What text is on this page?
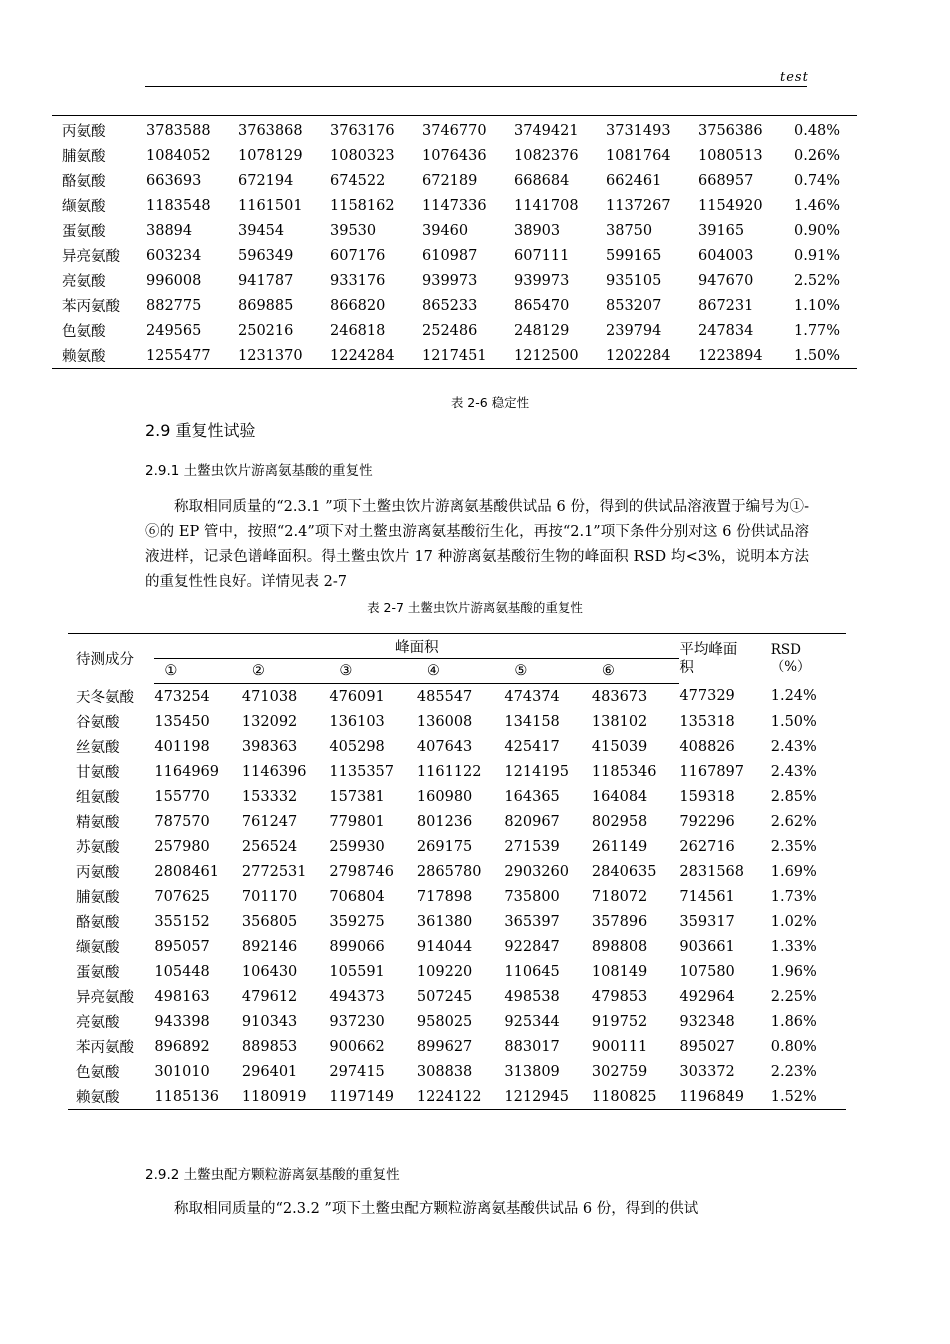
test
丙氨酸	3783588	3763868	3763176	3746770	3749421	3731493	3756386	0.48%
脯氨酸	1084052	1078129	1080323	1076436	1082376	1081764	1080513	0.26%
酪氨酸	663693	672194	674522	672189	668684	662461	668957	0.74%
缬氨酸	1183548	1161501	1158162	1147336	1141708	1137267	1154920	1.46%
蛋氨酸	38894	39454	39530	39460	38903	38750	39165	0.90%
异亮氨酸	603234	596349	607176	610987	607111	599165	604003	0.91%
亮氨酸	996008	941787	933176	939973	939973	935105	947670	2.52%
苯丙氨酸	882775	869885	866820	865233	865470	853207	867231	1.10%
色氨酸	249565	250216	246818	252486	248129	239794	247834	1.77%
赖氨酸	1255477	1231370	1224284	1217451	1212500	1202284	1223894	1.50%
表 2-6 稳定性
2.9 重复性试验
2.9.1 土鳖虫饮片游离氨基酸的重复性

称取相同质量的“2.3.1 ”项下土鳖虫饮片游离氨基酸供试品 6 份，得到的供试品溶液置于编号为①-⑥的 EP 管中，按照“2.4”项下对土鳖虫游离氨基酸衍生化，再按“2.1”项下条件分别对这 6 份供试品溶液进样，记录色谱峰面积。得土鳖虫饮片 17 种游离氨基酸衍生物的峰面积 RSD 均<3%，说明本方法的重复性性良好。详情见表 2-7

表 2-7 土鳖虫饮片游离氨基酸的重复性
待测成分	峰面积						平均峰面积	RSD
（%）

	①	②	③	④	⑤	⑥		
天冬氨酸	473254	471038	476091	485547	474374	483673	477329	1.24%
谷氨酸	135450	132092	136103	136008	134158	138102	135318	1.50%
丝氨酸	401198	398363	405298	407643	425417	415039	408826	2.43%
甘氨酸	1164969	1146396	1135357	1161122	1214195	1185346	1167897	2.43%
组氨酸	155770	153332	157381	160980	164365	164084	159318	2.85%
精氨酸	787570	761247	779801	801236	820967	802958	792296	2.62%
苏氨酸	257980	256524	259930	269175	271539	261149	262716	2.35%
丙氨酸	2808461	2772531	2798746	2865780	2903260	2840635	2831568	1.69%
脯氨酸	707625	701170	706804	717898	735800	718072	714561	1.73%
酪氨酸	355152	356805	359275	361380	365397	357896	359317	1.02%
缬氨酸	895057	892146	899066	914044	922847	898808	903661	1.33%
蛋氨酸	105448	106430	105591	109220	110645	108149	107580	1.96%
异亮氨酸	498163	479612	494373	507245	498538	479853	492964	2.25%
亮氨酸	943398	910343	937230	958025	925344	919752	932348	1.86%
苯丙氨酸	896892	889853	900662	899627	883017	900111	895027	0.80%
色氨酸	301010	296401	297415	308838	313809	302759	303372	2.23%
赖氨酸	1185136	1180919	1197149	1224122	1212945	1180825	1196849	1.52%
2.9.2 土鳖虫配方颗粒游离氨基酸的重复性

称取相同质量的“2.3.2 ”项下土鳖虫配方颗粒游离氨基酸供试品 6 份，得到的供试
